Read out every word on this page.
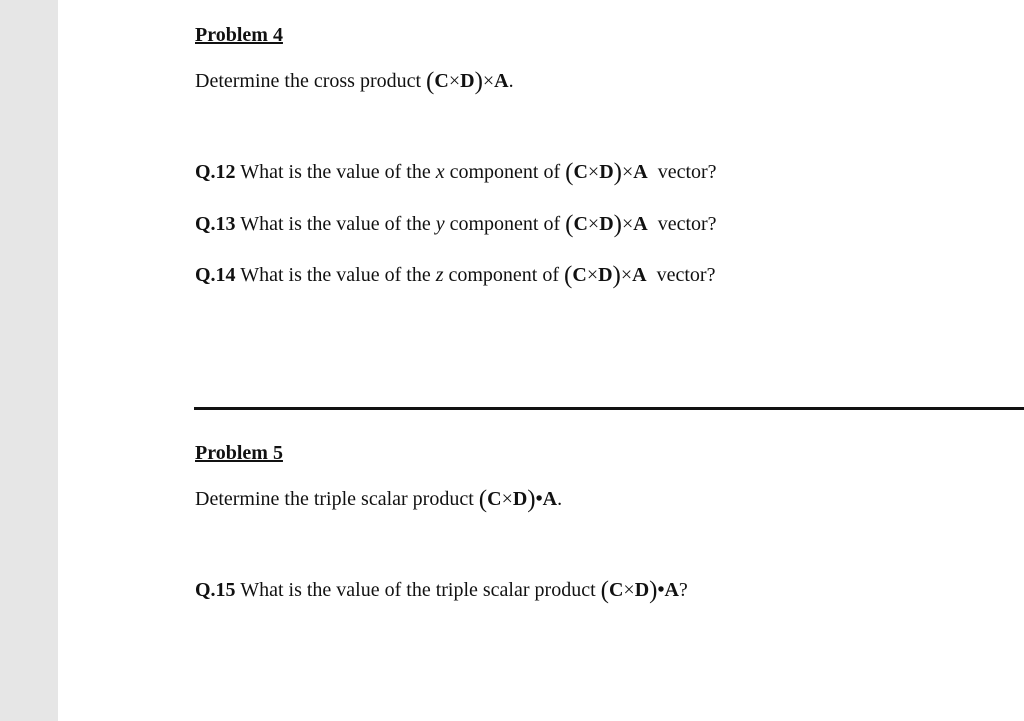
Problem 4
Determine the cross product (C×D)×A.
Q.12 What is the value of the x component of (C×D)×A vector?
Q.13 What is the value of the y component of (C×D)×A vector?
Q.14 What is the value of the z component of (C×D)×A vector?
Problem 5
Determine the triple scalar product (C×D)•A.
Q.15 What is the value of the triple scalar product (C×D)•A?
